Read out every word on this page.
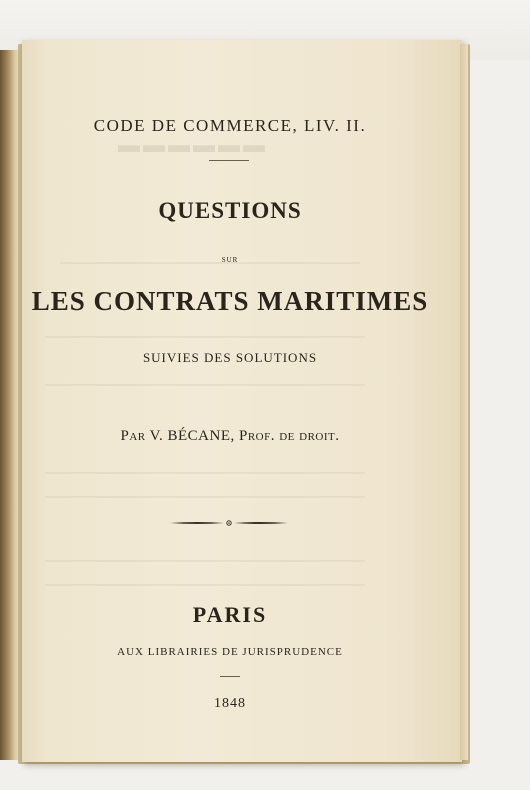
▬▬▬▬▬▬
CODE DE COMMERCE, LIV. II.
QUESTIONS
SUR
LES CONTRATS MARITIMES
SUIVIES DES SOLUTIONS
Par V. BÉCANE, Prof. de droit.
PARIS
AUX LIBRAIRIES DE JURISPRUDENCE
1848
